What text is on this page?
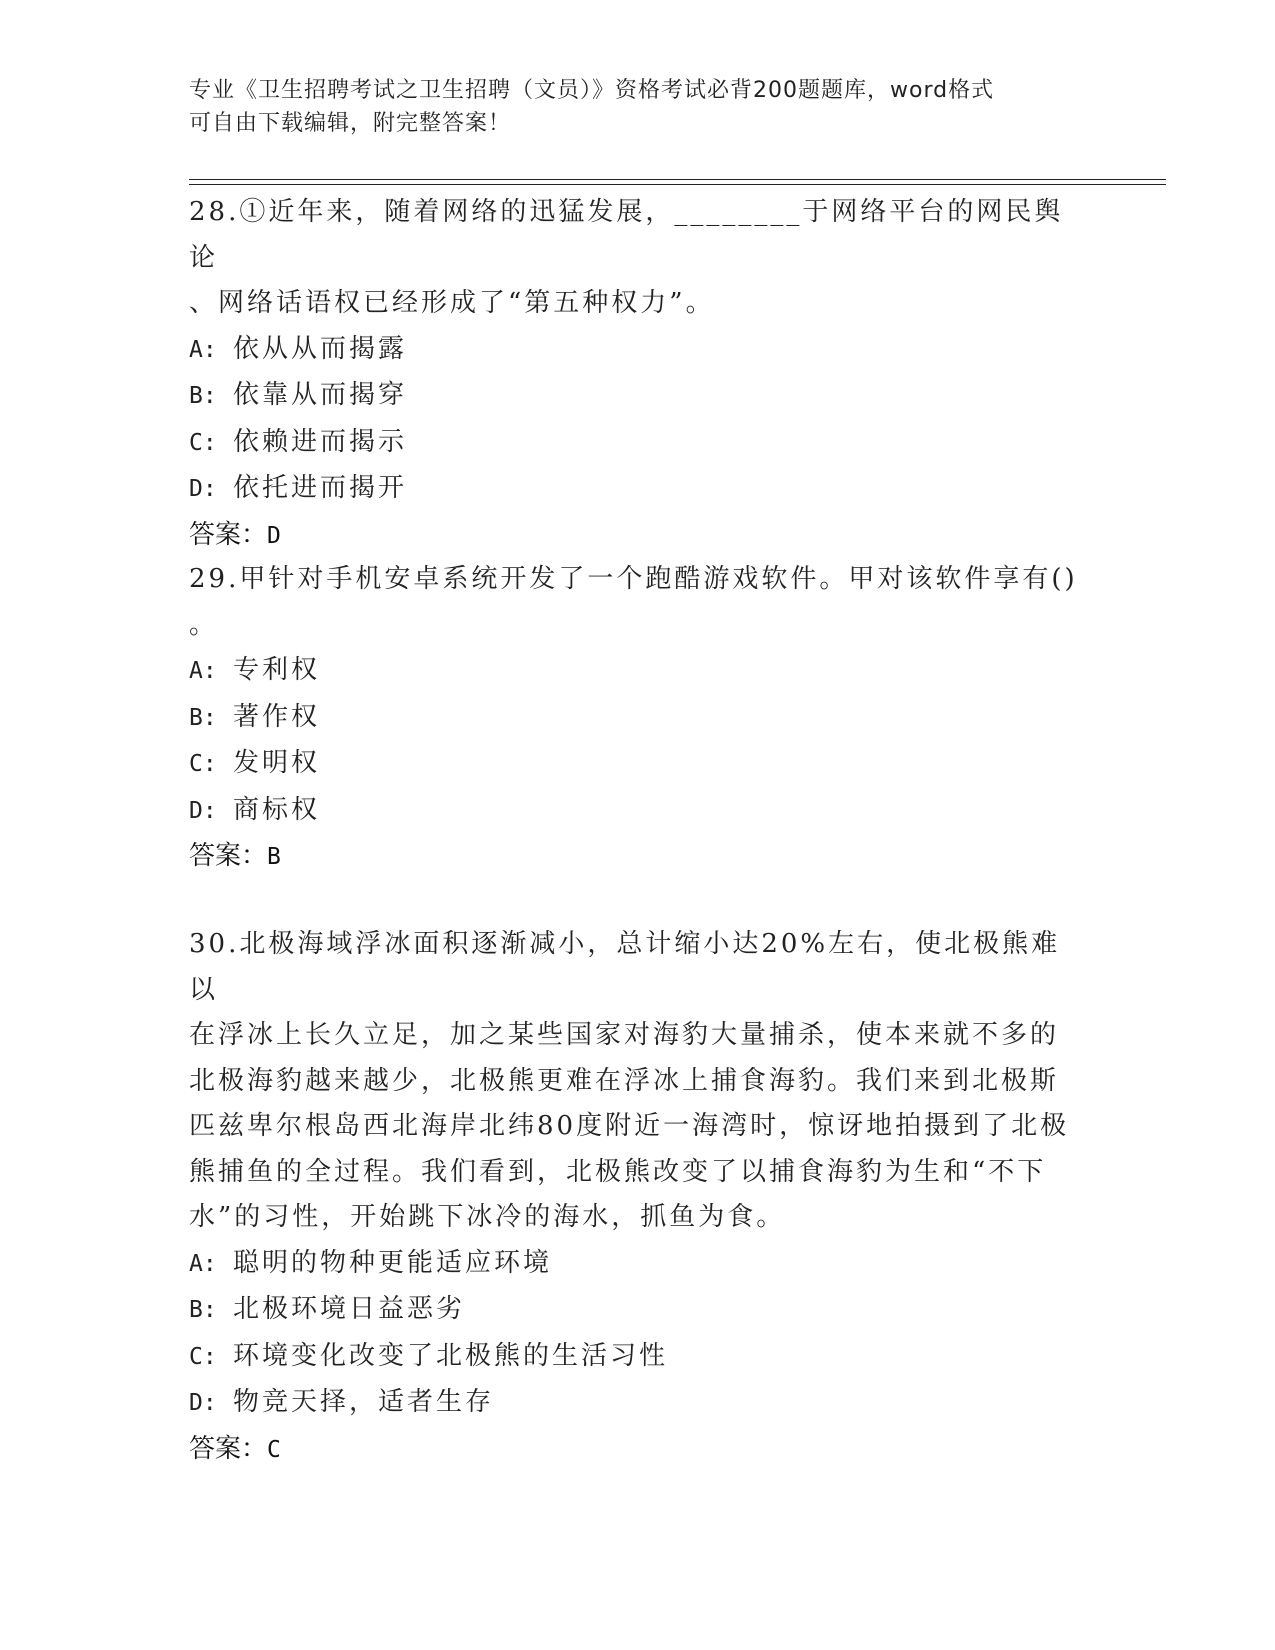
专业《卫生招聘考试之卫生招聘（文员）》资格考试必背200题题库，word格式
可自由下载编辑，附完整答案！

28.①近年来，随着网络的迅猛发展，________于网络平台的网民舆论

、网络话语权已经形成了“第五种权力”。

A: 依从从而揭露

B: 依靠从而揭穿

C: 依赖进而揭示

D: 依托进而揭开

答案：D

29.甲针对手机安卓系统开发了一个跑酷游戏软件。甲对该软件享有()

。

A: 专利权

B: 著作权

C: 发明权

D: 商标权

答案：B

30.北极海域浮冰面积逐渐减小，总计缩小达20%左右，使北极熊难以

在浮冰上长久立足，加之某些国家对海豹大量捕杀，使本来就不多的

北极海豹越来越少，北极熊更难在浮冰上捕食海豹。我们来到北极斯

匹兹卑尔根岛西北海岸北纬80度附近一海湾时，惊讶地拍摄到了北极

熊捕鱼的全过程。我们看到，北极熊改变了以捕食海豹为生和“不下

水”的习性，开始跳下冰冷的海水，抓鱼为食。

A: 聪明的物种更能适应环境

B: 北极环境日益恶劣

C: 环境变化改变了北极熊的生活习性

D: 物竞天择，适者生存

答案：C
